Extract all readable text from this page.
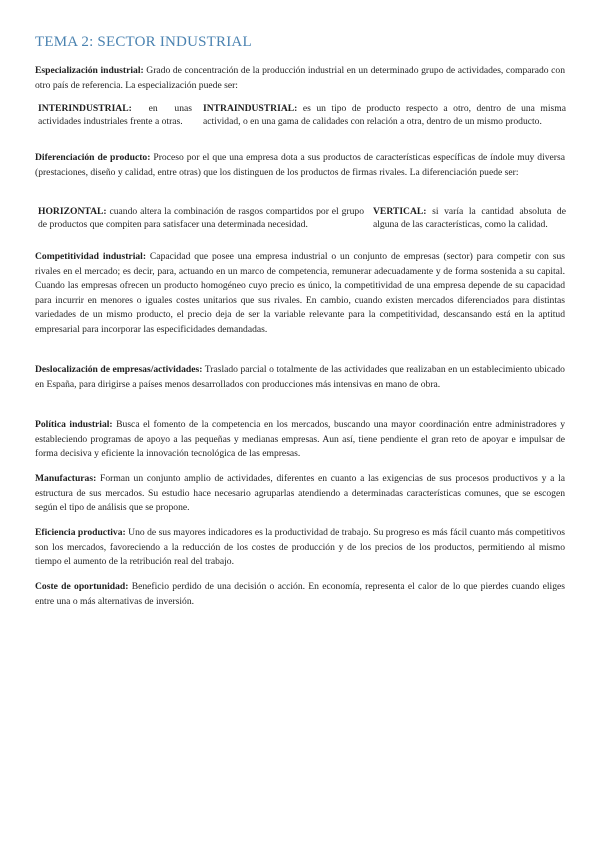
TEMA 2: SECTOR INDUSTRIAL
Especialización industrial: Grado de concentración de la producción industrial en un determinado grupo de actividades, comparado con otro país de referencia. La especialización puede ser:
INTERINDUSTRIAL: en unas actividades industriales frente a otras.
INTRAINDUSTRIAL: es un tipo de producto respecto a otro, dentro de una misma actividad, o en una gama de calidades con relación a otra, dentro de un mismo producto.
Diferenciación de producto: Proceso por el que una empresa dota a sus productos de características específicas de índole muy diversa (prestaciones, diseño y calidad, entre otras) que los distinguen de los productos de firmas rivales. La diferenciación puede ser:
HORIZONTAL: cuando altera la combinación de rasgos compartidos por el grupo de productos que compiten para satisfacer una determinada necesidad.
VERTICAL: si varía la cantidad absoluta de alguna de las características, como la calidad.
Competitividad industrial: Capacidad que posee una empresa industrial o un conjunto de empresas (sector) para competir con sus rivales en el mercado; es decir, para, actuando en un marco de competencia, remunerar adecuadamente y de forma sostenida a su capital. Cuando las empresas ofrecen un producto homogéneo cuyo precio es único, la competitividad de una empresa depende de su capacidad para incurrir en menores o iguales costes unitarios que sus rivales. En cambio, cuando existen mercados diferenciados para distintas variedades de un mismo producto, el precio deja de ser la variable relevante para la competitividad, descansando está en la aptitud empresarial para incorporar las especificidades demandadas.
Deslocalización de empresas/actividades: Traslado parcial o totalmente de las actividades que realizaban en un establecimiento ubicado en España, para dirigirse a países menos desarrollados con producciones más intensivas en mano de obra.
Política industrial: Busca el fomento de la competencia en los mercados, buscando una mayor coordinación entre administradores y estableciendo programas de apoyo a las pequeñas y medianas empresas. Aun así, tiene pendiente el gran reto de apoyar e impulsar de forma decisiva y eficiente la innovación tecnológica de las empresas.
Manufacturas: Forman un conjunto amplio de actividades, diferentes en cuanto a las exigencias de sus procesos productivos y a la estructura de sus mercados. Su estudio hace necesario agruparlas atendiendo a determinadas características comunes, que se escogen según el tipo de análisis que se propone.
Eficiencia productiva: Uno de sus mayores indicadores es la productividad de trabajo. Su progreso es más fácil cuanto más competitivos son los mercados, favoreciendo a la reducción de los costes de producción y de los precios de los productos, permitiendo al mismo tiempo el aumento de la retribución real del trabajo.
Coste de oportunidad: Beneficio perdido de una decisión o acción. En economía, representa el calor de lo que pierdes cuando eliges entre una o más alternativas de inversión.
